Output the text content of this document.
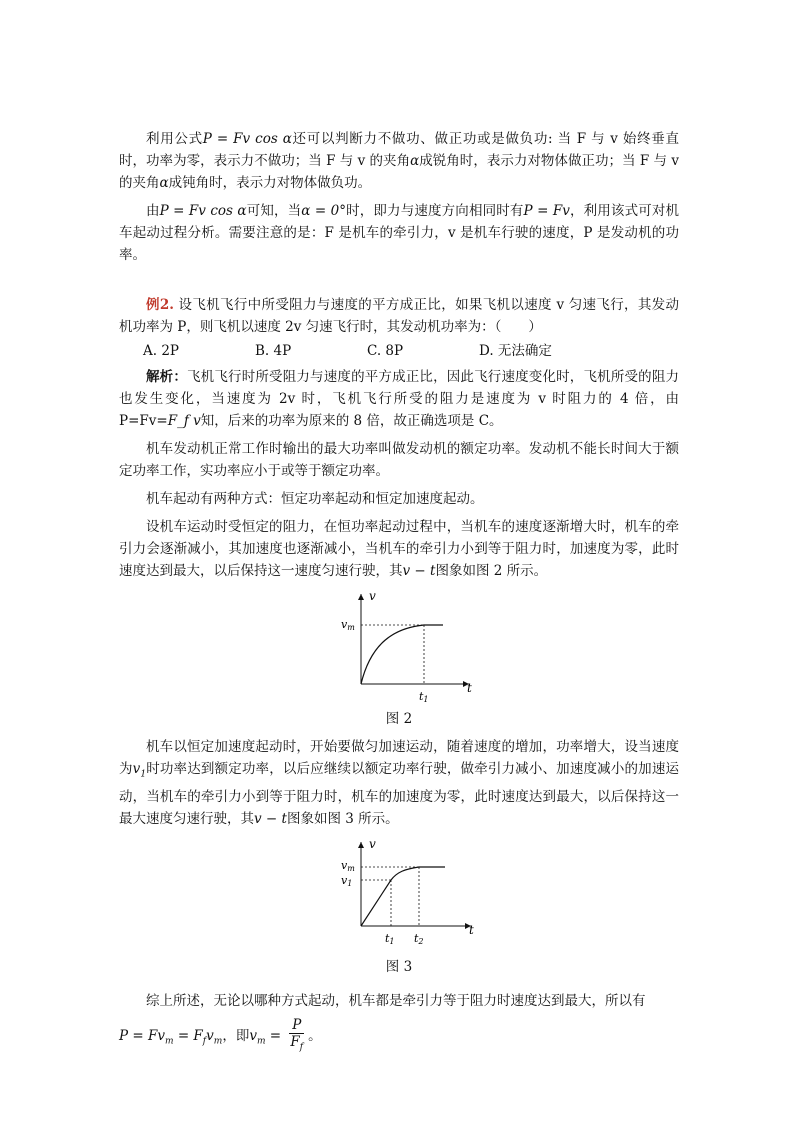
利用公式P = Fv cos α还可以判断力不做功、做正功或是做负功: 当 F 与 v 始终垂直时，功率为零，表示力不做功；当 F 与 v 的夹角α成锐角时，表示力对物体做正功；当 F 与 v 的夹角α成钝角时，表示力对物体做负功。

由P = Fv cos α可知，当α = 0°时，即力与速度方向相同时有P = Fv，利用该式可对机车起动过程分析。需要注意的是：F 是机车的牵引力，v 是机车行驶的速度，P 是发动机的功率。

例2. 设飞机飞行中所受阻力与速度的平方成正比，如果飞机以速度 v 匀速飞行，其发动机功率为 P，则飞机以速度 2v 匀速飞行时，其发动机功率为：（　　）

A. 2P	B. 4P	C. 8P	D. 无法确定

解析：飞机飞行时所受阻力与速度的平方成正比，因此飞行速度变化时，飞机所受的阻力也发生变化，当速度为 2v 时，飞机飞行所受的阻力是速度为 v 时阻力的 4 倍，由 P=Fv=F_f v知，后来的功率为原来的 8 倍，故正确选项是 C。

机车发动机正常工作时输出的最大功率叫做发动机的额定功率。发动机不能长时间大于额定功率工作，实功率应小于或等于额定功率。

机车起动有两种方式：恒定功率起动和恒定加速度起动。

设机车运动时受恒定的阻力，在恒功率起动过程中，当机车的速度逐渐增大时，机车的牵引力会逐渐减小，其加速度也逐渐减小，当机车的牵引力小到等于阻力时，加速度为零，此时速度达到最大，以后保持这一速度匀速行驶，其v − t图象如图 2 所示。

v
t
vm
t1
图 2

机车以恒定加速度起动时，开始要做匀加速运动，随着速度的增加，功率增大，设当速度为$v_1$时功率达到额定功率，以后应继续以额定功率行驶，做牵引力减小、加速度减小的加速运动，当机车的牵引力小到等于阻力时，机车的加速度为零，此时速度达到最大，以后保持这一最大速度匀速行驶，其v − t图象如图 3 所示。

v
t
vm
v1
t1 t2
图 3

综上所述，无论以哪种方式起动，机车都是牵引力等于阻力时速度达到最大，所以有

$P = Fv_m = F_fv_m$，即$v_m = \frac{P}{F_f}$ 。
